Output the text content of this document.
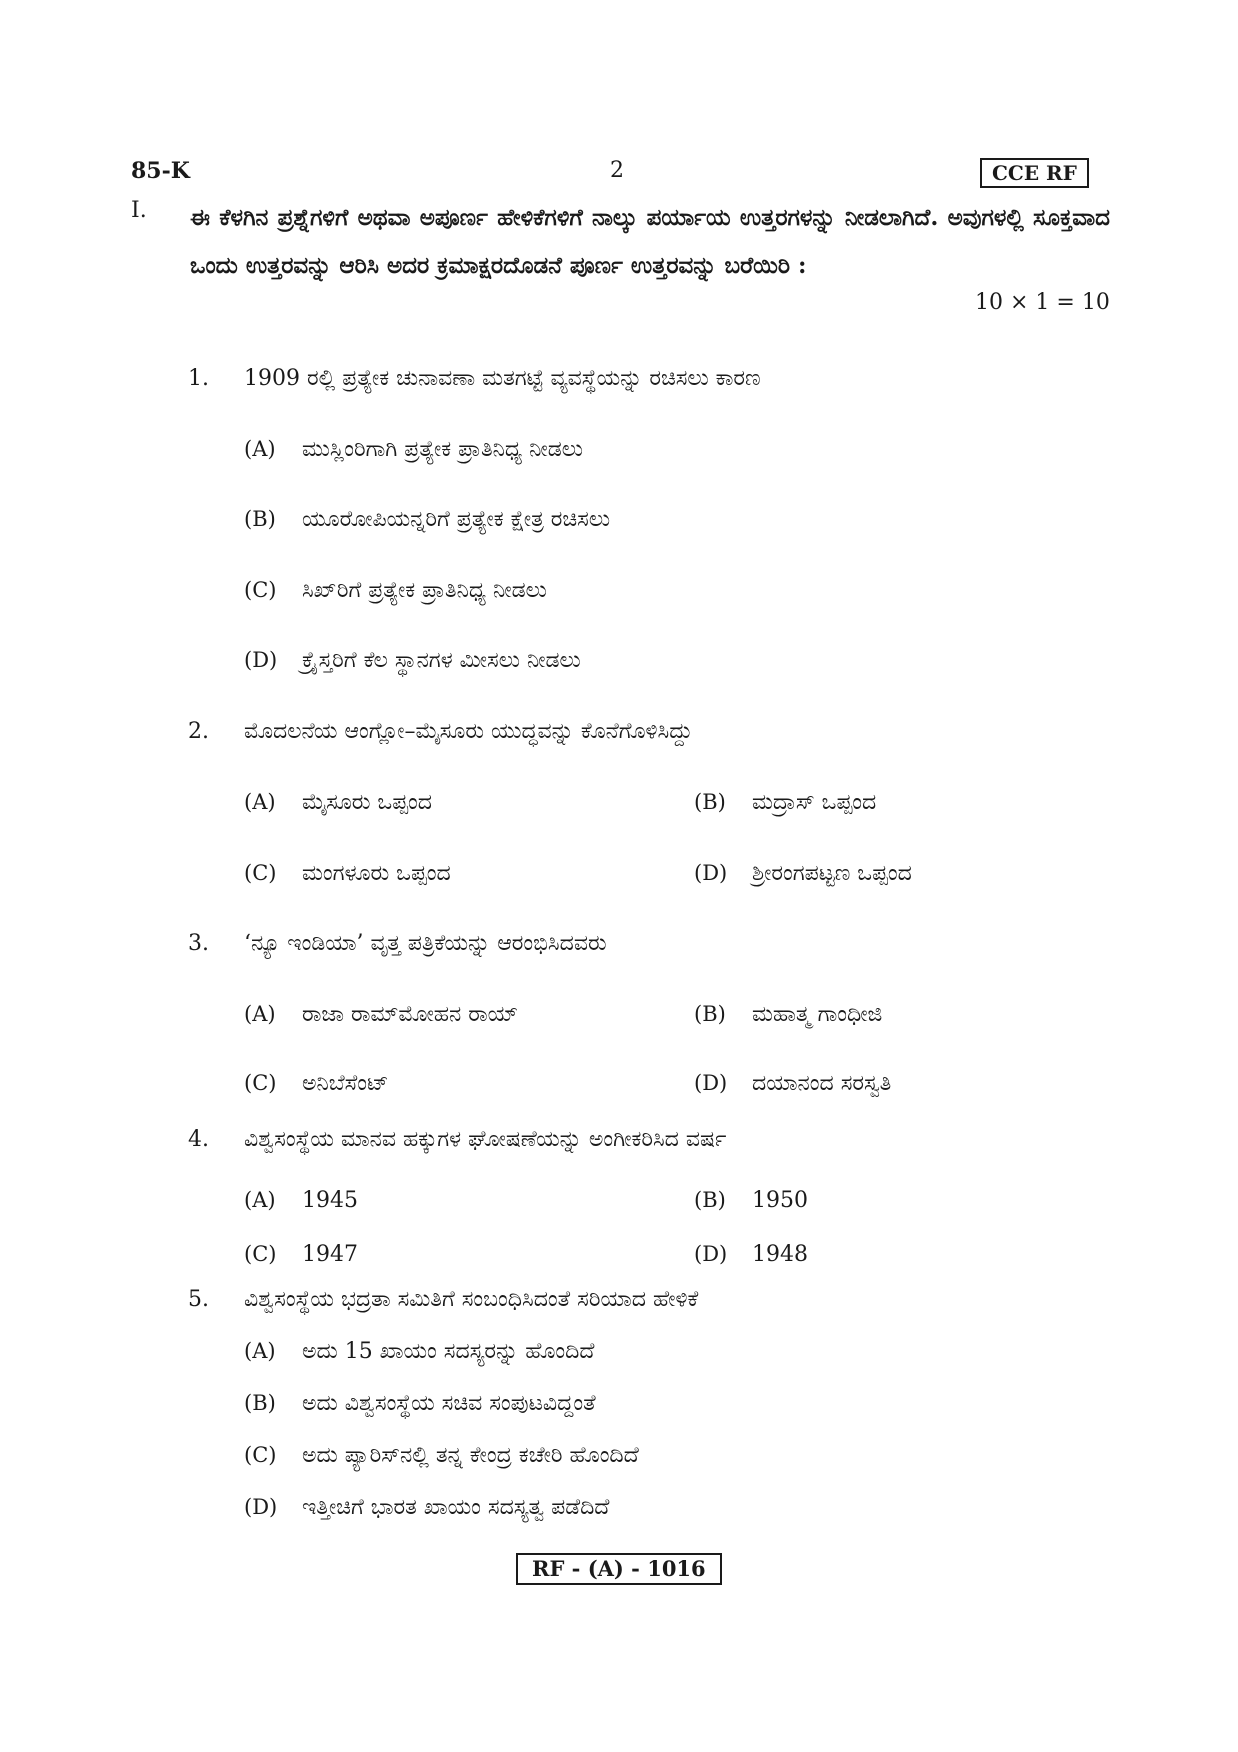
85-K	2	CCE RF
I. ಈ ಕೆಳಗಿನ ಪ್ರಶ್ನೆಗಳಿಗೆ ಅಥವಾ ಅಪೂರ್ಣ ಹೇಳಿಕೆಗಳಿಗೆ ನಾಲ್ಕು ಪರ್ಯಾಯ ಉತ್ತರಗಳನ್ನು ನೀಡಲಾಗಿದೆ. ಅವುಗಳಲ್ಲಿ ಸೂಕ್ತವಾದ ಒಂದು ಉತ್ತರವನ್ನು ಆರಿಸಿ ಅದರ ಕ್ರಮಾಕ್ಷರದೊಡನೆ ಪೂರ್ಣ ಉತ್ತರವನ್ನು ಬರೆಯಿರಿ :
10 × 1 = 10
1. 1909 ರಲ್ಲಿ ಪ್ರತ್ಯೇಕ ಚುನಾವಣಾ ಮತಗಟ್ಟೆ ವ್ಯವಸ್ಥೆಯನ್ನು ರಚಿಸಲು ಕಾರಣ
(A) ಮುಸ್ಲಿಂರಿಗಾಗಿ ಪ್ರತ್ಯೇಕ ಪ್ರಾತಿನಿಧ್ಯ ನೀಡಲು
(B) ಯೂರೋಪಿಯನ್ನರಿಗೆ ಪ್ರತ್ಯೇಕ ಕ್ಷೇತ್ರ ರಚಿಸಲು
(C) ಸಿಖ್‌ರಿಗೆ ಪ್ರತ್ಯೇಕ ಪ್ರಾತಿನಿಧ್ಯ ನೀಡಲು
(D) ಕ್ರೈಸ್ತರಿಗೆ ಕೆಲ ಸ್ಥಾನಗಳ ಮೀಸಲು ನೀಡಲು
2. ಮೊದಲನೆಯ ಆಂಗ್ಲೋ–ಮೈಸೂರು ಯುದ್ಧವನ್ನು ಕೊನೆಗೊಳಿಸಿದ್ದು
(A) ಮೈಸೂರು ಒಪ್ಪಂದ	(B) ಮದ್ರಾಸ್ ಒಪ್ಪಂದ
(C) ಮಂಗಳೂರು ಒಪ್ಪಂದ	(D) ಶ್ರೀರಂಗಪಟ್ಟಣ ಒಪ್ಪಂದ
3. ‘ನ್ಯೂ ಇಂಡಿಯಾ’ ವೃತ್ತ ಪತ್ರಿಕೆಯನ್ನು ಆರಂಭಿಸಿದವರು
(A) ರಾಜಾ ರಾಮ್‌ಮೋಹನ ರಾಯ್	(B) ಮಹಾತ್ಮ ಗಾಂಧೀಜಿ
(C) ಅನಿಬೆಸೆಂಟ್	(D) ದಯಾನಂದ ಸರಸ್ವತಿ
4. ವಿಶ್ವಸಂಸ್ಥೆಯ ಮಾನವ ಹಕ್ಕುಗಳ ಘೋಷಣೆಯನ್ನು ಅಂಗೀಕರಿಸಿದ ವರ್ಷ
(A) 1945	(B) 1950
(C) 1947	(D) 1948
5. ವಿಶ್ವಸಂಸ್ಥೆಯ ಭದ್ರತಾ ಸಮಿತಿಗೆ ಸಂಬಂಧಿಸಿದಂತೆ ಸರಿಯಾದ ಹೇಳಿಕೆ
(A) ಅದು 15 ಖಾಯಂ ಸದಸ್ಯರನ್ನು ಹೊಂದಿದೆ
(B) ಅದು ವಿಶ್ವಸಂಸ್ಥೆಯ ಸಚಿವ ಸಂಪುಟವಿದ್ದಂತೆ
(C) ಅದು ಪ್ಯಾರಿಸ್‌ನಲ್ಲಿ ತನ್ನ ಕೇಂದ್ರ ಕಚೇರಿ ಹೊಂದಿದೆ
(D) ಇತ್ತೀಚಿಗೆ ಭಾರತ ಖಾಯಂ ಸದಸ್ಯತ್ವ ಪಡೆದಿದೆ
RF - (A) - 1016
